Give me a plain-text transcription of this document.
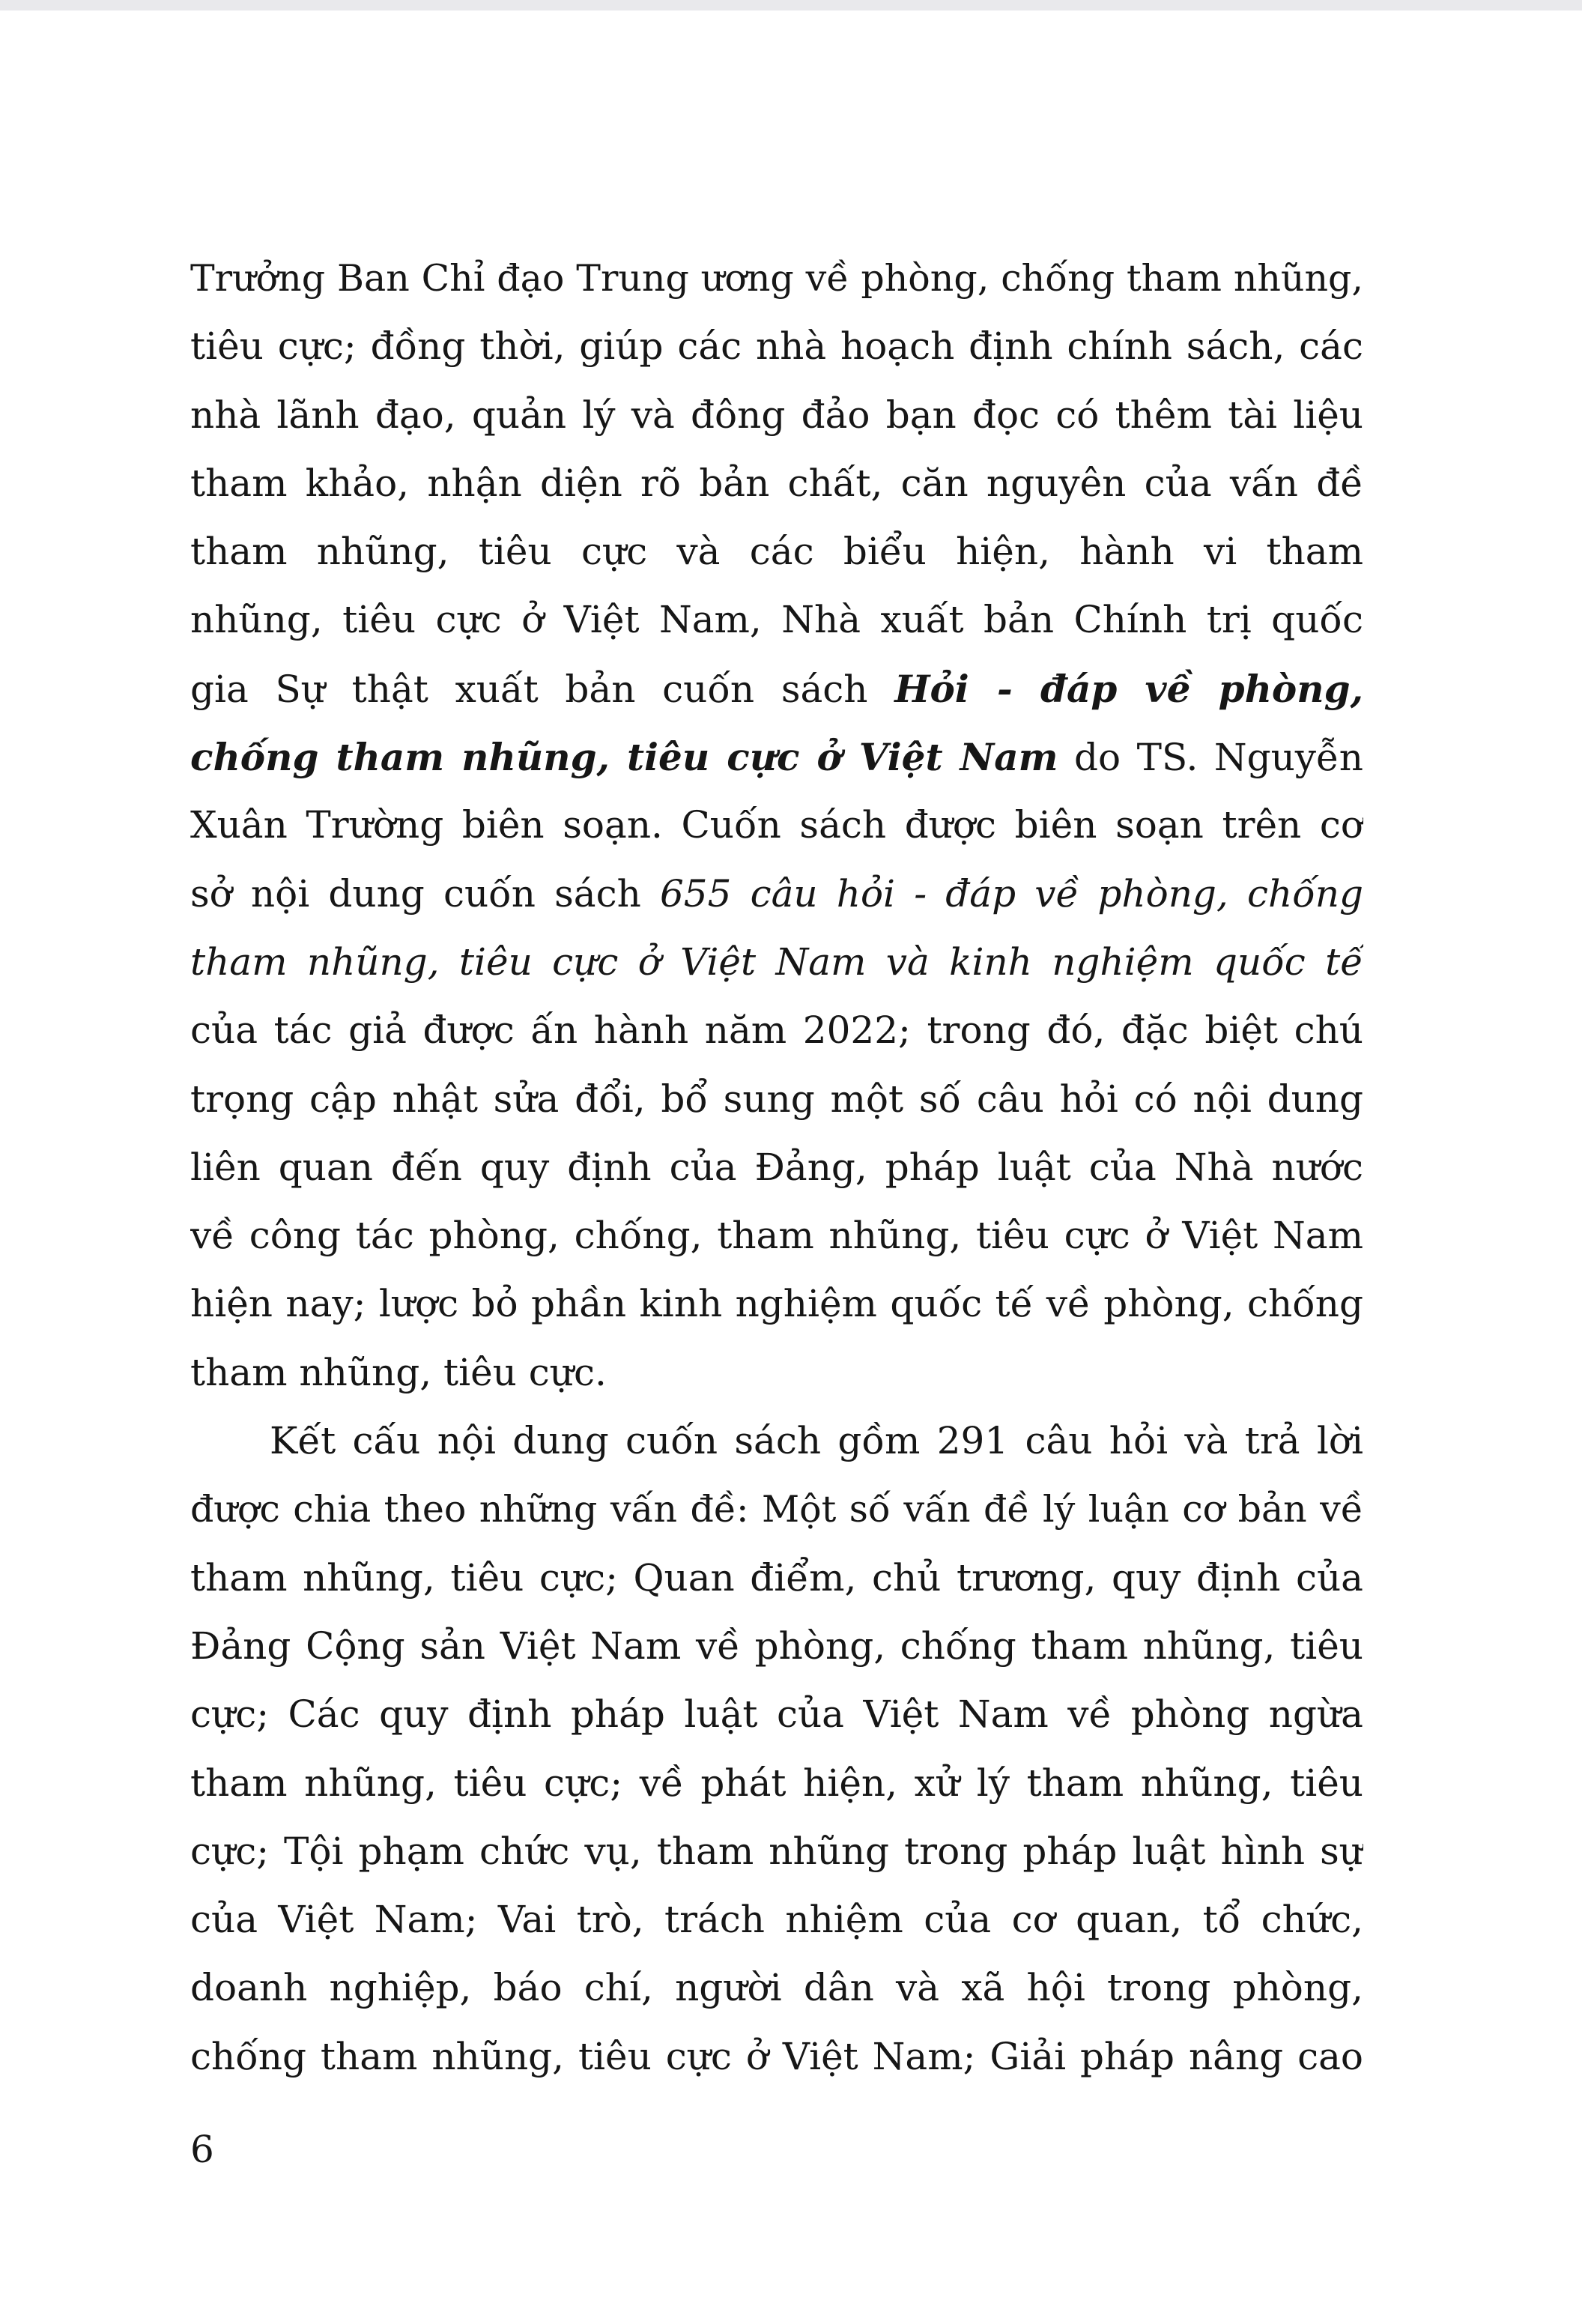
Trưởng Ban Chỉ đạo Trung ương về phòng, chống tham nhũng,
tiêu cực; đồng thời, giúp các nhà hoạch định chính sách, các
nhà lãnh đạo, quản lý và đông đảo bạn đọc có thêm tài liệu
tham khảo, nhận diện rõ bản chất, căn nguyên của vấn đề
tham nhũng, tiêu cực và các biểu hiện, hành vi tham
nhũng, tiêu cực ở Việt Nam, Nhà xuất bản Chính trị quốc
gia Sự thật xuất bản cuốn sách Hỏi - đáp về phòng,
chống tham nhũng, tiêu cực ở Việt Nam do TS. Nguyễn
Xuân Trường biên soạn. Cuốn sách được biên soạn trên cơ
sở nội dung cuốn sách 655 câu hỏi - đáp về phòng, chống
tham nhũng, tiêu cực ở Việt Nam và kinh nghiệm quốc tế
của tác giả được ấn hành năm 2022; trong đó, đặc biệt chú
trọng cập nhật sửa đổi, bổ sung một số câu hỏi có nội dung
liên quan đến quy định của Đảng, pháp luật của Nhà nước
về công tác phòng, chống, tham nhũng, tiêu cực ở Việt Nam
hiện nay; lược bỏ phần kinh nghiệm quốc tế về phòng, chống
tham nhũng, tiêu cực.
Kết cấu nội dung cuốn sách gồm 291 câu hỏi và trả lời
được chia theo những vấn đề: Một số vấn đề lý luận cơ bản về
tham nhũng, tiêu cực; Quan điểm, chủ trương, quy định của
Đảng Cộng sản Việt Nam về phòng, chống tham nhũng, tiêu
cực; Các quy định pháp luật của Việt Nam về phòng ngừa
tham nhũng, tiêu cực; về phát hiện, xử lý tham nhũng, tiêu
cực; Tội phạm chức vụ, tham nhũng trong pháp luật hình sự
của Việt Nam; Vai trò, trách nhiệm của cơ quan, tổ chức,
doanh nghiệp, báo chí, người dân và xã hội trong phòng,
chống tham nhũng, tiêu cực ở Việt Nam; Giải pháp nâng cao
6
